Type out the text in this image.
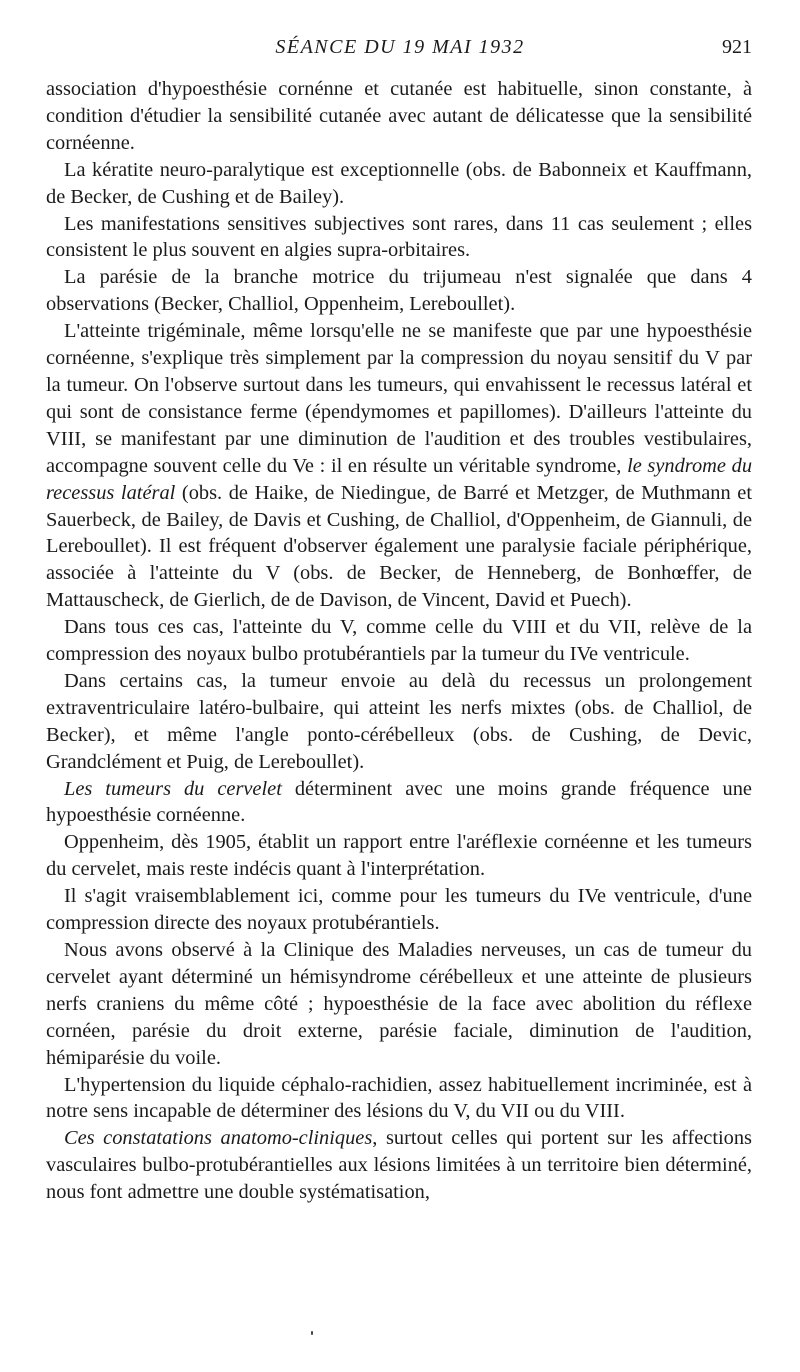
SÉANCE DU 19 MAI 1932	921

association d'hypoesthésie cornénne et cutanée est habituelle, sinon constante, à condition d'étudier la sensibilité cutanée avec autant de délicatesse que la sensibilité cornéenne.

La kératite neuro-paralytique est exceptionnelle (obs. de Babonneix et Kauffmann, de Becker, de Cushing et de Bailey).

Les manifestations sensitives subjectives sont rares, dans 11 cas seulement ; elles consistent le plus souvent en algies supra-orbitaires.

La parésie de la branche motrice du trijumeau n'est signalée que dans 4 observations (Becker, Challiol, Oppenheim, Lereboullet).

L'atteinte trigéminale, même lorsqu'elle ne se manifeste que par une hypoesthésie cornéenne, s'explique très simplement par la compression du noyau sensitif du V par la tumeur. On l'observe surtout dans les tumeurs, qui envahissent le recessus latéral et qui sont de consistance ferme (épendymomes et papillomes). D'ailleurs l'atteinte du VIII, se manifestant par une diminution de l'audition et des troubles vestibulaires, accompagne souvent celle du Ve : il en résulte un véritable syndrome, le syndrome du recessus latéral (obs. de Haike, de Niedingue, de Barré et Metzger, de Muthmann et Sauerbeck, de Bailey, de Davis et Cushing, de Challiol, d'Oppenheim, de Giannuli, de Lereboullet). Il est fréquent d'observer également une paralysie faciale périphérique, associée à l'atteinte du V (obs. de Becker, de Henneberg, de Bonhœffer, de Mattauscheck, de Gierlich, de de Davison, de Vincent, David et Puech).

Dans tous ces cas, l'atteinte du V, comme celle du VIII et du VII, relève de la compression des noyaux bulbo protubérantiels par la tumeur du IVe ventricule.

Dans certains cas, la tumeur envoie au delà du recessus un prolongement extraventriculaire latéro-bulbaire, qui atteint les nerfs mixtes (obs. de Challiol, de Becker), et même l'angle ponto-cérébelleux (obs. de Cushing, de Devic, Grandclément et Puig, de Lereboullet).

Les tumeurs du cervelet déterminent avec une moins grande fréquence une hypoesthésie cornéenne.

Oppenheim, dès 1905, établit un rapport entre l'aréflexie cornéenne et les tumeurs du cervelet, mais reste indécis quant à l'interprétation.

Il s'agit vraisemblablement ici, comme pour les tumeurs du IVe ventricule, d'une compression directe des noyaux protubérantiels.

Nous avons observé à la Clinique des Maladies nerveuses, un cas de tumeur du cervelet ayant déterminé un hémisyndrome cérébelleux et une atteinte de plusieurs nerfs craniens du même côté ; hypoesthésie de la face avec abolition du réflexe cornéen, parésie du droit externe, parésie faciale, diminution de l'audition, hémiparésie du voile.

L'hypertension du liquide céphalo-rachidien, assez habituellement incriminée, est à notre sens incapable de déterminer des lésions du V, du VII ou du VIII.

Ces constatations anatomo-cliniques, surtout celles qui portent sur les affections vasculaires bulbo-protubérantielles aux lésions limitées à un territoire bien déterminé, nous font admettre une double systématisation,
